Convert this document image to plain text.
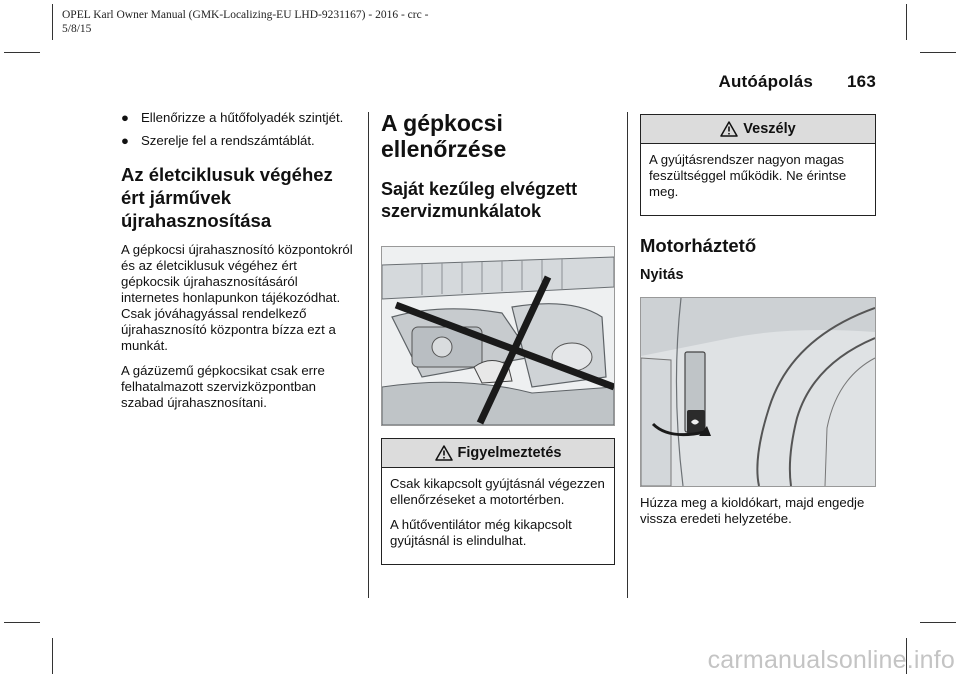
OPEL Karl Owner Manual (GMK-Localizing-EU LHD-9231167) - 2016 - crc -
5/8/15
Autóápolás 163
● Ellenőrizze a hűtőfolyadék szintjét.
● Szerelje fel a rendszámtáblát.
Az életciklusuk végéhez ért járművek újrahasznosítása

A gépkocsi újrahasznosító központokról és az életciklusuk végéhez ért gépkocsik újrahasznosításáról internetes honlapunkon tájékozódhat. Csak jóváhagyással rendelkező újrahasznosító központra bízza ezt a munkát.

A gázüzemű gépkocsikat csak erre felhatalmazott szervizközpontban szabad újrahasznosítani.

A gépkocsi ellenőrzése
Saját kezűleg elvégzett szervizmunkálatok
Figyelmeztetés

Csak kikapcsolt gyújtásnál végezzen ellenőrzéseket a motortérben.

A hűtőventilátor még kikapcsolt gyújtásnál is elindulhat.

Veszély

A gyújtásrendszer nagyon magas feszültséggel működik. Ne érintse meg.

Motorháztető
Nyitás

Húzza meg a kioldókart, majd engedje vissza eredeti helyzetébe.

carmanualsonline.info
